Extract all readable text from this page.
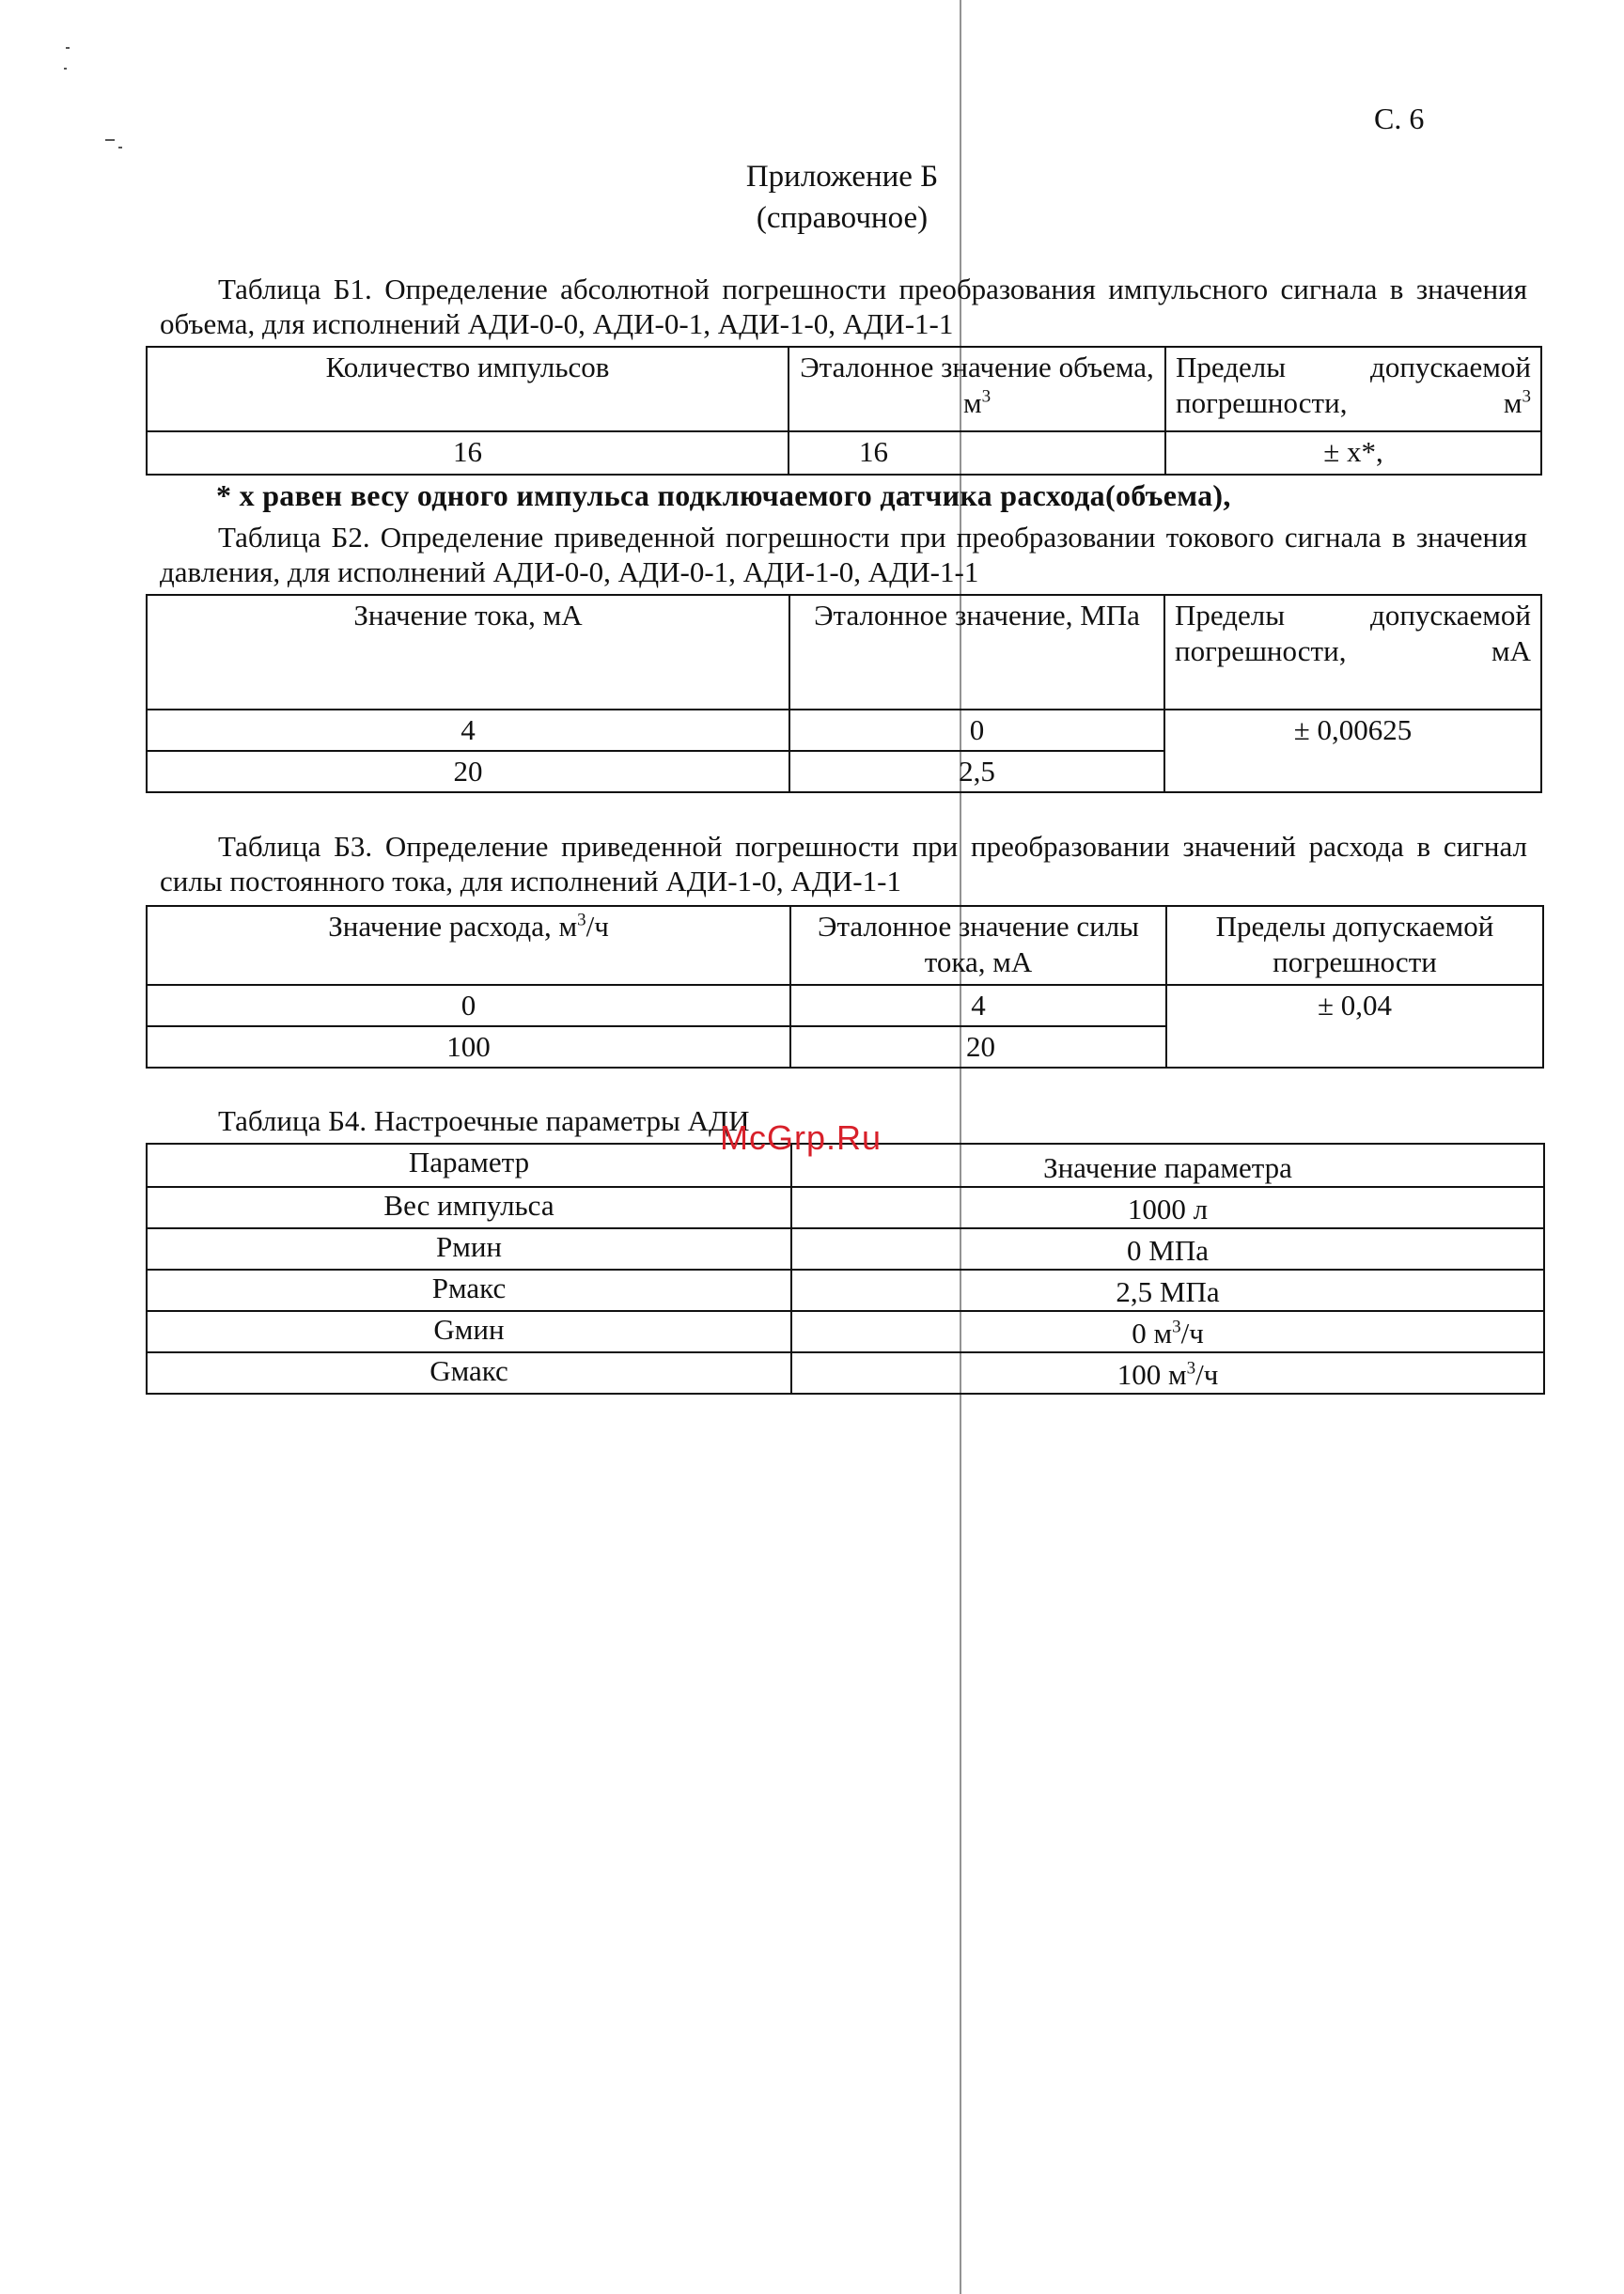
С. 6
Приложение Б
(справочное)
Таблица Б1. Определение абсолютной погрешности преобразования импульсного сигнала в значения объема, для исполнений АДИ-0-0, АДИ-0-1, АДИ-1-0, АДИ-1-1
Количество импульсов	Эталонное значение объема, $м^3$	Пределы допускаемой погрешности, $м^3$
16	16	± х*,
* х равен весу одного импульса подключаемого датчика расхода(объема),
Таблица Б2. Определение приведенной погрешности при преобразовании токового сигнала в значения давления, для исполнений АДИ-0-0, АДИ-0-1, АДИ-1-0, АДИ-1-1
Значение тока, мА	Эталонное значение, МПа	Пределы допускаемой погрешности, мА
4	0	± 0,00625
20	2,5	
Таблица Б3. Определение приведенной погрешности при преобразовании значений расхода в сигнал силы постоянного тока, для исполнений АДИ-1-0, АДИ-1-1
Значение расхода, $м^3/ч$	Эталонное значение силы тока, мА	Пределы допускаемой погрешности
0	4	± 0,04
100	20	
Таблица Б4. Настроечные параметры АДИ
Параметр	Значение параметра
Вес импульса	1000 л
Рмин	0 МПа
Рмакс	2,5 МПа
Gмин	0 $м^3/ч$
Gмакс	100 $м^3/ч$
McGrp.Ru
